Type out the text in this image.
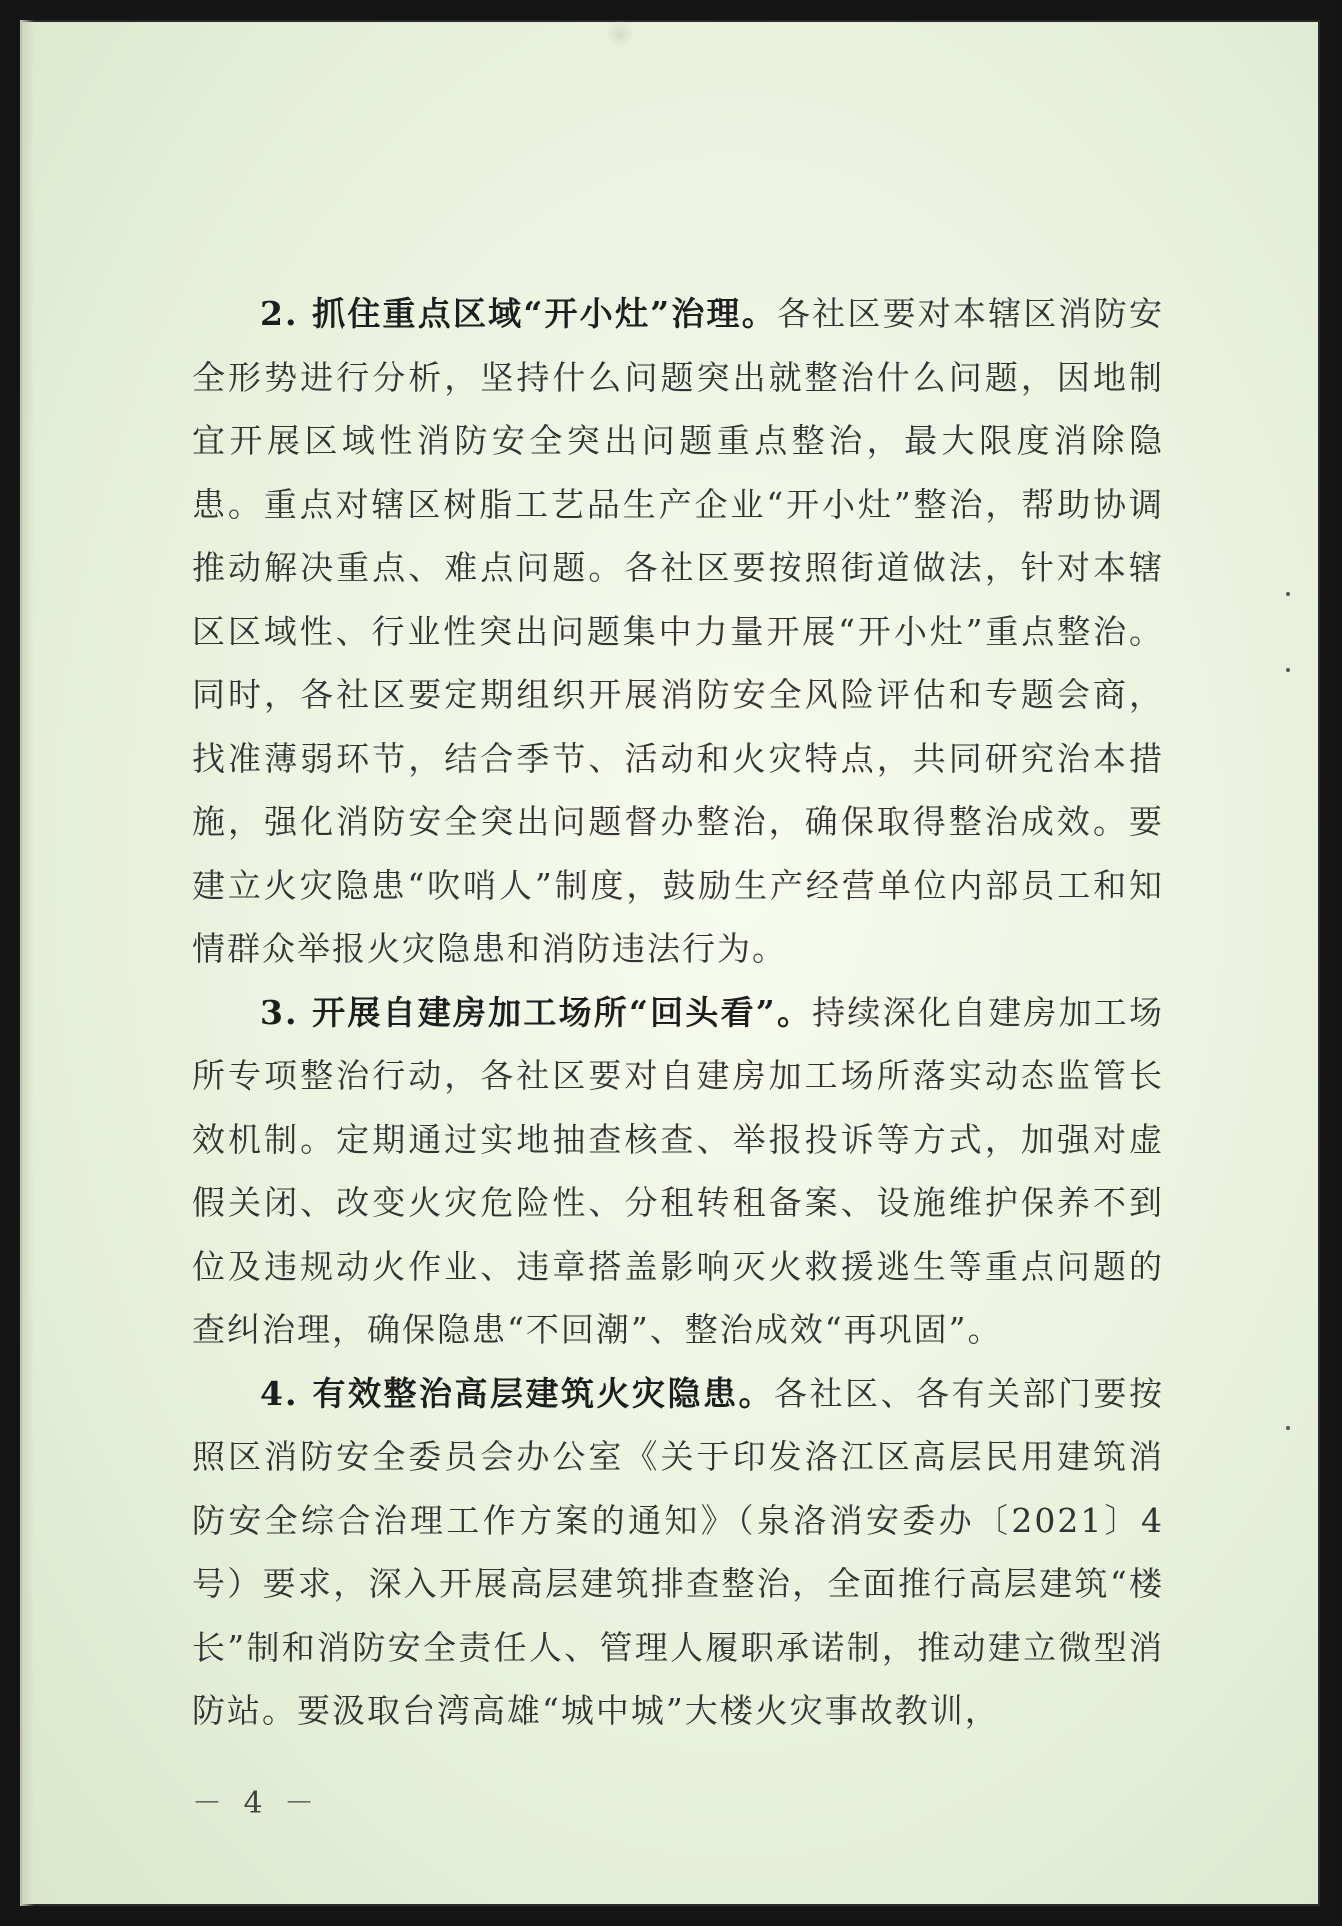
2. 抓住重点区域“开小灶”治理。各社区要对本辖区消防安全形势进行分析，坚持什么问题突出就整治什么问题，因地制宜开展区域性消防安全突出问题重点整治，最大限度消除隐患。重点对辖区树脂工艺品生产企业“开小灶”整治，帮助协调推动解决重点、难点问题。各社区要按照街道做法，针对本辖区区域性、行业性突出问题集中力量开展“开小灶”重点整治。同时，各社区要定期组织开展消防安全风险评估和专题会商，找准薄弱环节，结合季节、活动和火灾特点，共同研究治本措施，强化消防安全突出问题督办整治，确保取得整治成效。要建立火灾隐患“吹哨人”制度，鼓励生产经营单位内部员工和知情群众举报火灾隐患和消防违法行为。

3. 开展自建房加工场所“回头看”。持续深化自建房加工场所专项整治行动，各社区要对自建房加工场所落实动态监管长效机制。定期通过实地抽查核查、举报投诉等方式，加强对虚假关闭、改变火灾危险性、分租转租备案、设施维护保养不到位及违规动火作业、违章搭盖影响灭火救援逃生等重点问题的查纠治理，确保隐患“不回潮”、整治成效“再巩固”。

4. 有效整治高层建筑火灾隐患。各社区、各有关部门要按照区消防安全委员会办公室《关于印发洛江区高层民用建筑消防安全综合治理工作方案的通知》（泉洛消安委办〔2021〕4号）要求，深入开展高层建筑排查整治，全面推行高层建筑“楼长”制和消防安全责任人、管理人履职承诺制，推动建立微型消防站。要汲取台湾高雄“城中城”大楼火灾事故教训，

－ 4 －
